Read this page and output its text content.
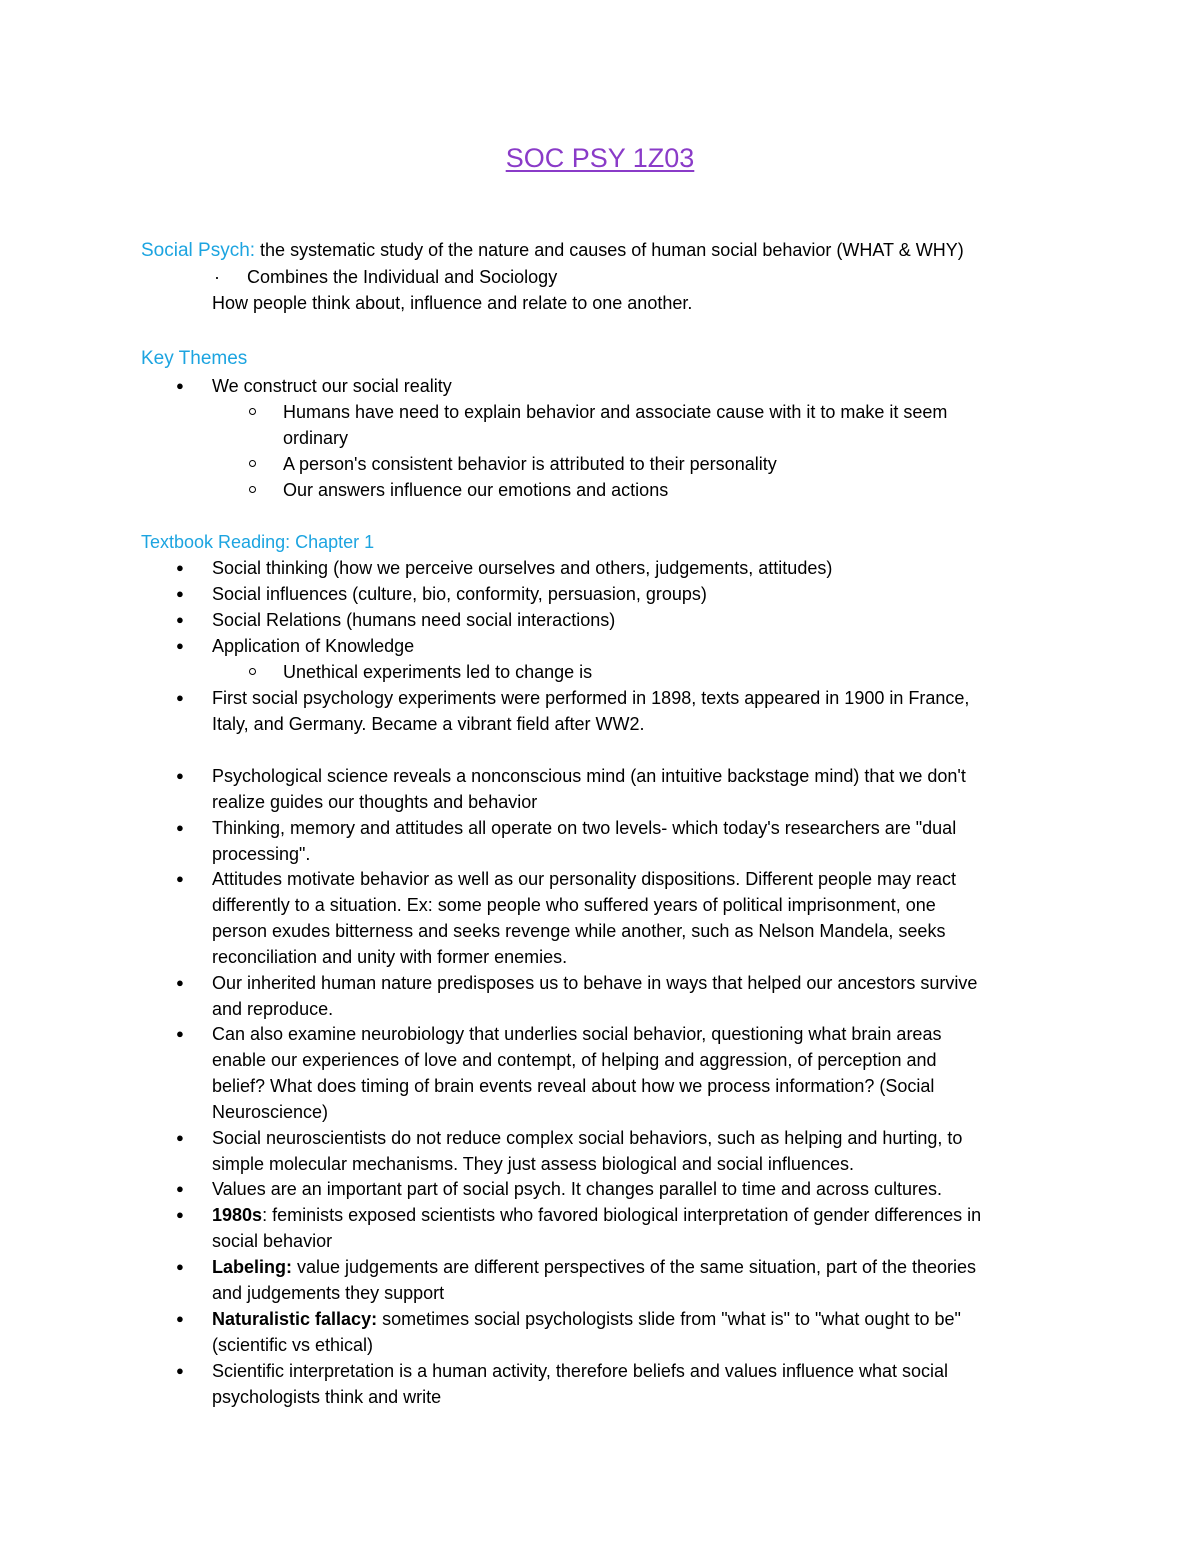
SOC PSY 1Z03
Social Psych: the systematic study of the nature and causes of human social behavior (WHAT & WHY)
· Combines the Individual and Sociology
How people think about, influence and relate to one another.
Key Themes
● We construct our social reality
Humans have need to explain behavior and associate cause with it to make it seem
ordinary
A person's consistent behavior is attributed to their personality
Our answers influence our emotions and actions
Textbook Reading: Chapter 1
● Social thinking (how we perceive ourselves and others, judgements, attitudes)
● Social influences (culture, bio, conformity, persuasion, groups)
● Social Relations (humans need social interactions)
● Application of Knowledge
Unethical experiments led to change is
● First social psychology experiments were performed in 1898, texts appeared in 1900 in France,
Italy, and Germany. Became a vibrant field after WW2.
● Psychological science reveals a nonconscious mind (an intuitive backstage mind) that we don't
realize guides our thoughts and behavior
● Thinking, memory and attitudes all operate on two levels- which today's researchers are "dual
processing".
● Attitudes motivate behavior as well as our personality dispositions. Different people may react
differently to a situation. Ex: some people who suffered years of political imprisonment, one
person exudes bitterness and seeks revenge while another, such as Nelson Mandela, seeks
reconciliation and unity with former enemies.
● Our inherited human nature predisposes us to behave in ways that helped our ancestors survive
and reproduce.
● Can also examine neurobiology that underlies social behavior, questioning what brain areas
enable our experiences of love and contempt, of helping and aggression, of perception and
belief? What does timing of brain events reveal about how we process information? (Social
Neuroscience)
● Social neuroscientists do not reduce complex social behaviors, such as helping and hurting, to
simple molecular mechanisms. They just assess biological and social influences.
● Values are an important part of social psych. It changes parallel to time and across cultures.
● 1980s: feminists exposed scientists who favored biological interpretation of gender differences in
social behavior
● Labeling: value judgements are different perspectives of the same situation, part of the theories
and judgements they support
● Naturalistic fallacy: sometimes social psychologists slide from "what is" to "what ought to be"
(scientific vs ethical)
● Scientific interpretation is a human activity, therefore beliefs and values influence what social
psychologists think and write
